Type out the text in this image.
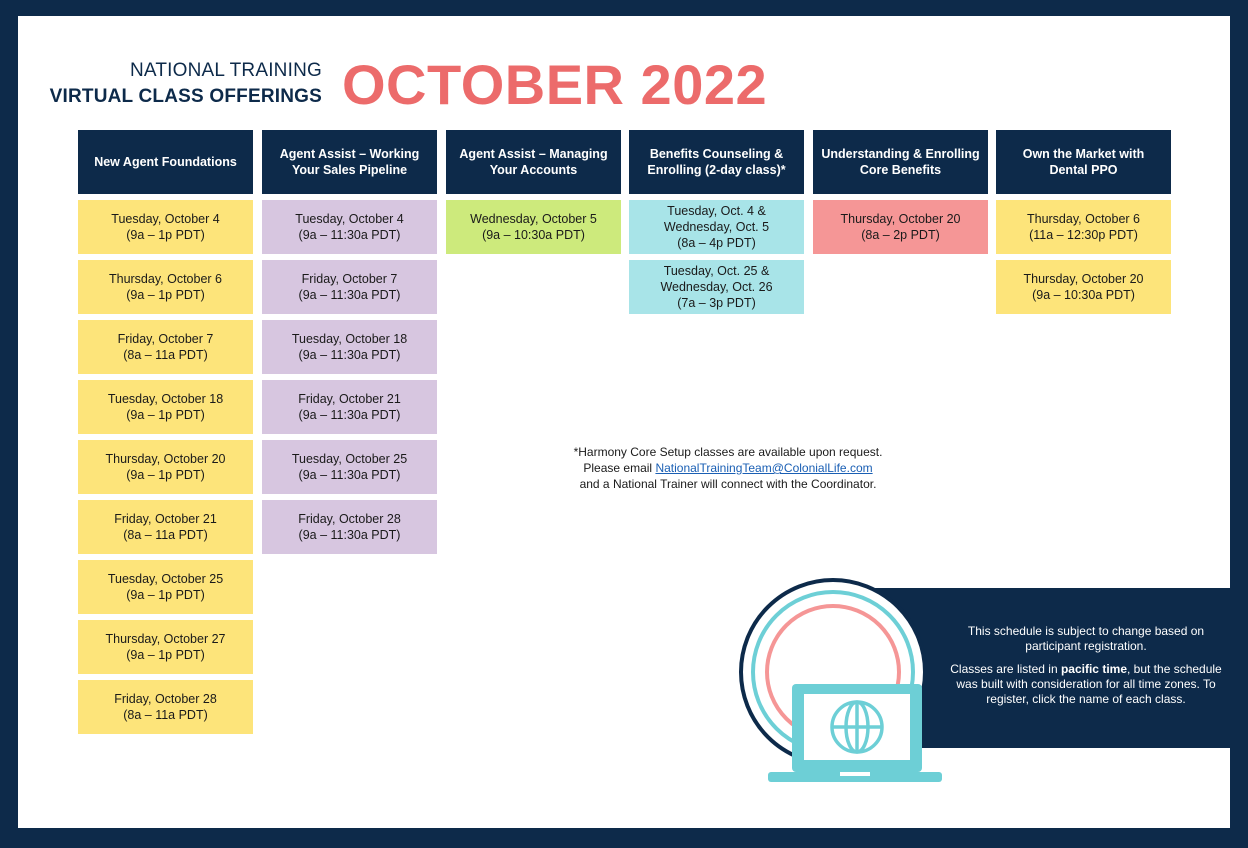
NATIONAL TRAINING
VIRTUAL CLASS OFFERINGS OCTOBER 2022
New Agent Foundations
Tuesday, October 4
(9a – 1p PDT)
Thursday, October 6
(9a – 1p PDT)
Friday, October 7
(8a – 11a PDT)
Tuesday, October 18
(9a – 1p PDT)
Thursday, October 20
(9a – 1p PDT)
Friday, October 21
(8a – 11a PDT)
Tuesday, October 25
(9a – 1p PDT)
Thursday, October 27
(9a – 1p PDT)
Friday, October 28
(8a – 11a PDT)
Agent Assist – Working Your Sales Pipeline
Tuesday, October 4
(9a – 11:30a PDT)
Friday, October 7
(9a – 11:30a PDT)
Tuesday, October 18
(9a – 11:30a PDT)
Friday, October 21
(9a – 11:30a PDT)
Tuesday, October 25
(9a – 11:30a PDT)
Friday, October 28
(9a – 11:30a PDT)
Agent Assist – Managing Your Accounts
Wednesday, October 5
(9a – 10:30a PDT)
Benefits Counseling & Enrolling (2-day class)*
Tuesday, Oct. 4 &
Wednesday, Oct. 5
(8a – 4p PDT)
Tuesday, Oct. 25 &
Wednesday, Oct. 26
(7a – 3p PDT)
Understanding & Enrolling Core Benefits
Thursday, October 20
(8a – 2p PDT)
Own the Market with Dental PPO
Thursday, October 6
(11a – 12:30p PDT)
Thursday, October 20
(9a – 10:30a PDT)
*Harmony Core Setup classes are available upon request.
Please email NationalTrainingTeam@ColonialLife.com
and a National Trainer will connect with the Coordinator.

This schedule is subject to change based on participant registration.

Classes are listed in pacific time, but the schedule was built with consideration for all time zones. To register, click the name of each class.
